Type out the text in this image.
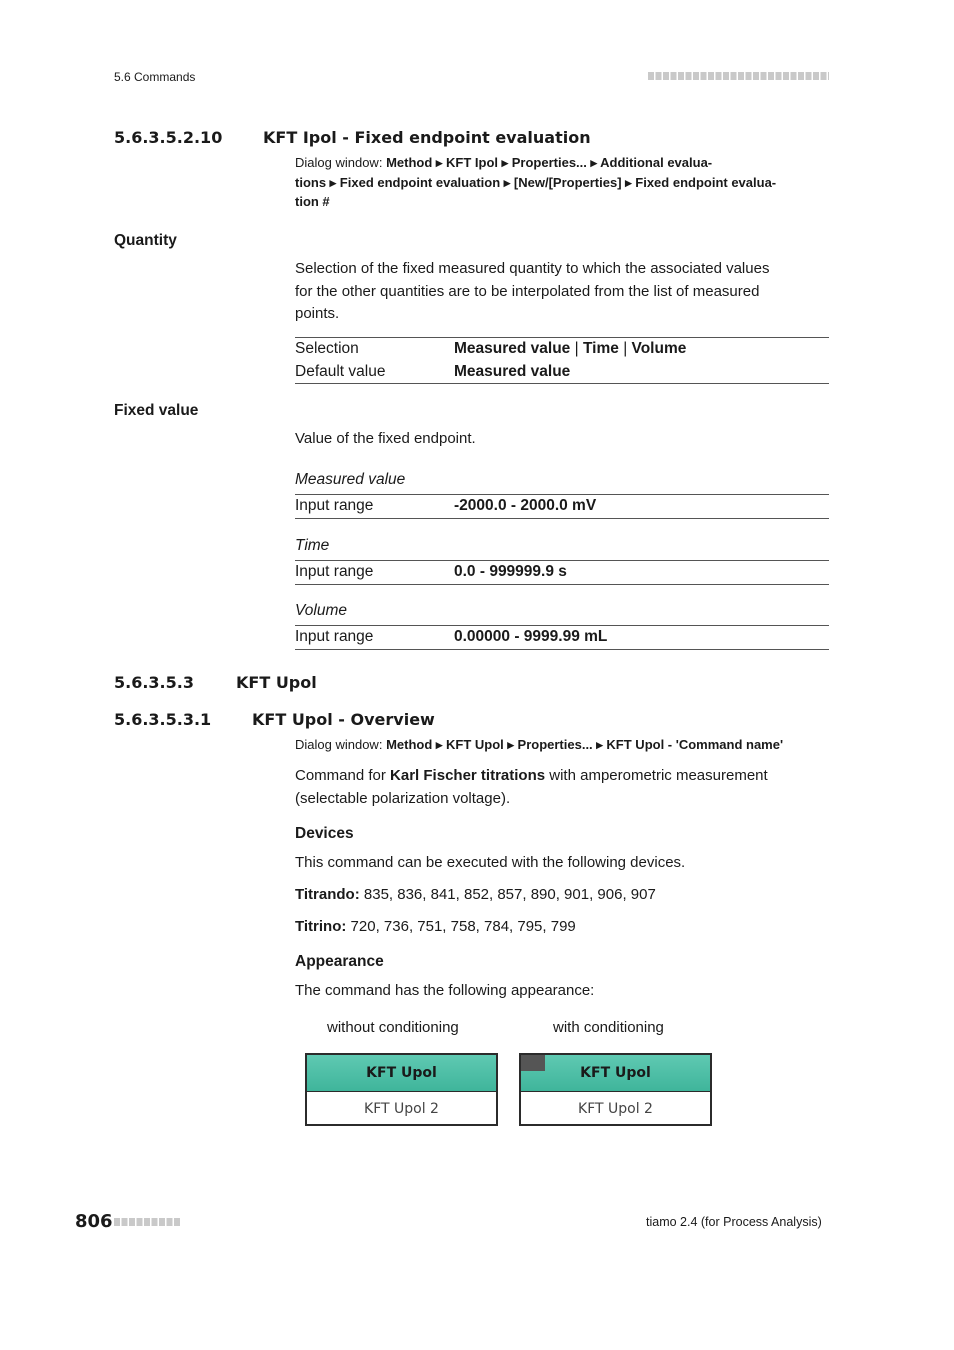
5.6 Commands
5.6.3.5.2.10	KFT Ipol - Fixed endpoint evaluation
Dialog window: Method ▸ KFT Ipol ▸ Properties... ▸ Additional evalua-
tions ▸ Fixed endpoint evaluation ▸ [New/[Properties] ▸ Fixed endpoint evalua-
tion #
Quantity
Selection of the fixed measured quantity to which the associated values
for the other quantities are to be interpolated from the list of measured
points.
Selection	Measured value | Time | Volume
Default value	Measured value
Fixed value
Value of the fixed endpoint.
Measured value
Input range	-2000.0 - 2000.0 mV
Time
Input range	0.0 - 999999.9 s
Volume
Input range	0.00000 - 9999.99 mL
5.6.3.5.3	KFT Upol
5.6.3.5.3.1	KFT Upol - Overview
Dialog window: Method ▸ KFT Upol ▸ Properties... ▸ KFT Upol - 'Command name'
Command for Karl Fischer titrations with amperometric measurement
(selectable polarization voltage).
Devices
This command can be executed with the following devices.
Titrando: 835, 836, 841, 852, 857, 890, 901, 906, 907
Titrino: 720, 736, 751, 758, 784, 795, 799
Appearance
The command has the following appearance:
without conditioning	with conditioning
KFT Upol
KFT Upol 2
KFT Upol
KFT Upol 2
806	tiamo 2.4 (for Process Analysis)
